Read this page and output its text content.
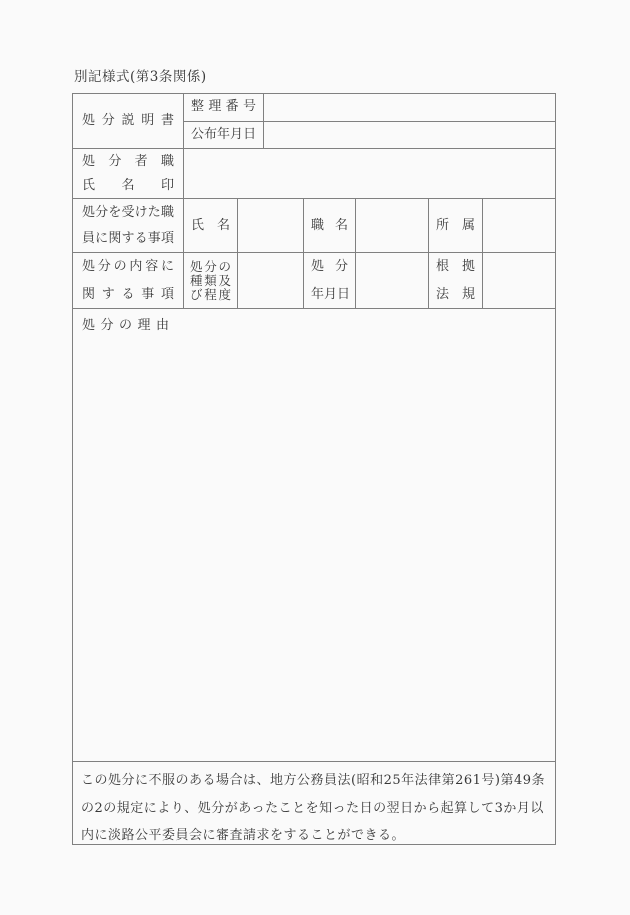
別記様式(第3条関係)
処 分 説 明 書
整 理 番 号
公 布 年 月 日
処 分 者 職
氏 名 印
処 分 を 受 け た 職
員 に 関 す る 事 項
氏 名	職 名	所 属
処 分 の 内 容 に
関 す る 事 項
処 分 の
種 類 及
び 程 度
処 分
年 月 日
根 拠
法 規
処 分 の 理 由
この処分に不服のある場合は、地方公務員法(昭和25年法律第261号)第49条
の2の規定により、処分があったことを知った日の翌日から起算して3か月以
内に淡路公平委員会に審査請求をすることができる。
